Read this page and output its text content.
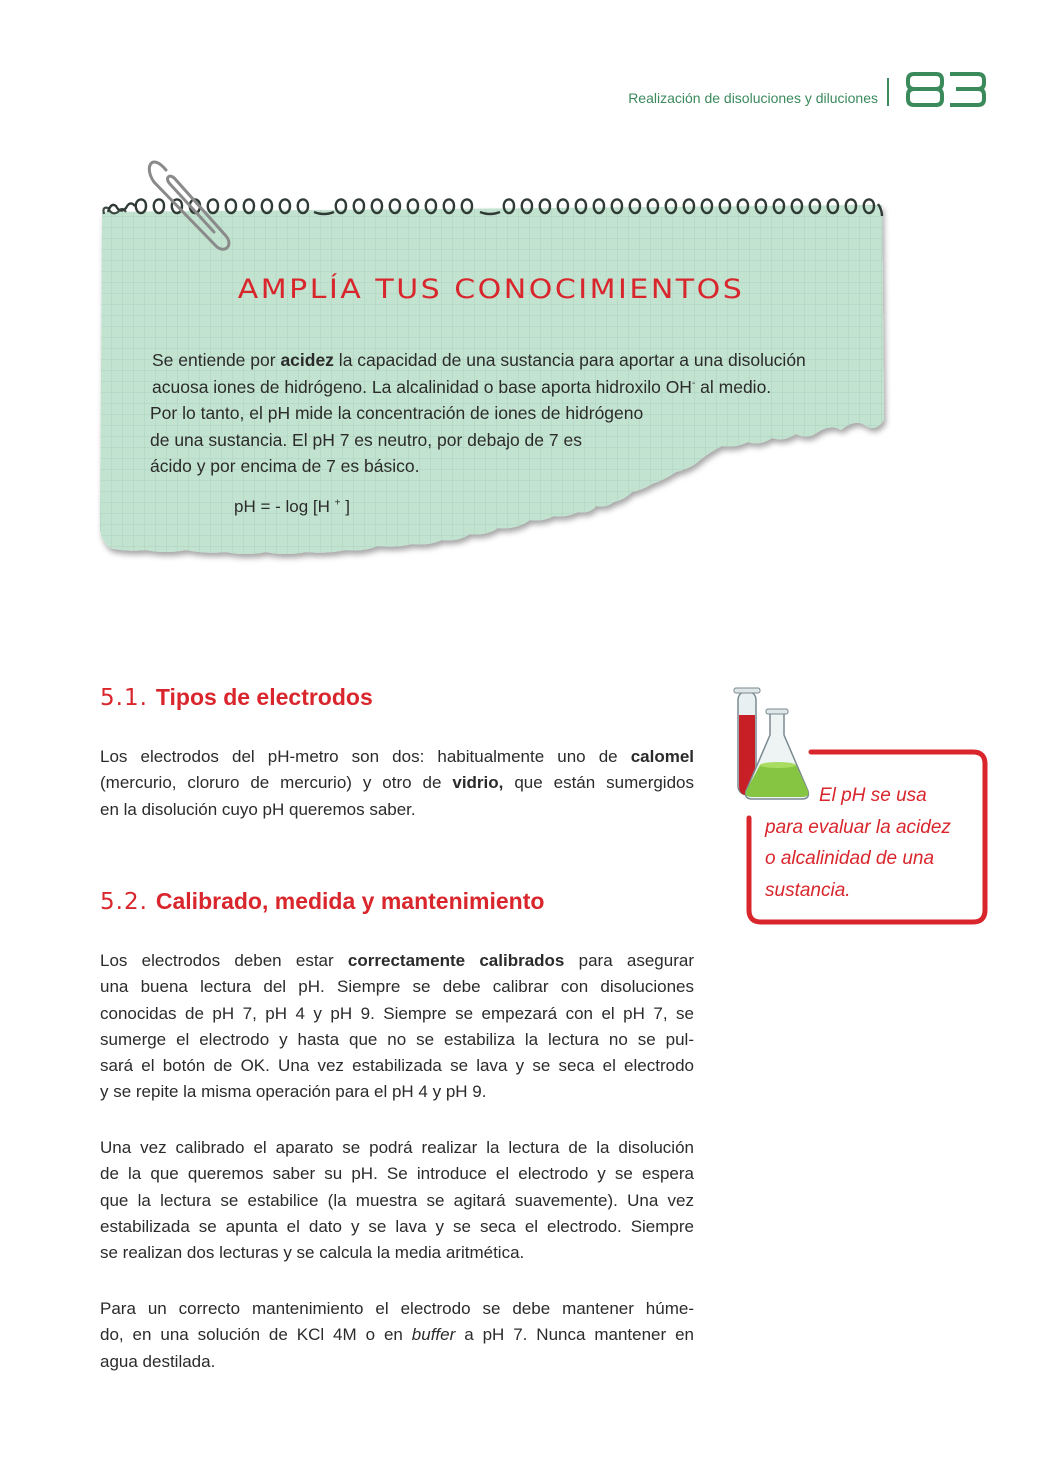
Realización de disoluciones y diluciones
AMPLÍA TUS CONOCIMIENTOS
Se entiende por acidez la capacidad de una sustancia para aportar a una disolución
acuosa iones de hidrógeno. La alcalinidad o base aporta hidroxilo OH- al medio.
Por lo tanto, el pH mide la concentración de iones de hidrógeno
de una sustancia. El pH 7 es neutro, por debajo de 7 es
ácido y por encima de 7 es básico.
pH = - log [H + ]
5.1. Tipos de electrodos
Los electrodos del pH-metro son dos: habitualmente uno de calomel
(mercurio, cloruro de mercurio) y otro de vidrio, que están sumergidos
en la disolución cuyo pH queremos saber.
5.2. Calibrado, medida y mantenimiento
Los electrodos deben estar correctamente calibrados para asegurar
una buena lectura del pH. Siempre se debe calibrar con disoluciones
conocidas de pH 7, pH 4 y pH 9. Siempre se empezará con el pH 7, se
sumerge el electrodo y hasta que no se estabiliza la lectura no se pul-
sará el botón de OK. Una vez estabilizada se lava y se seca el electrodo
y se repite la misma operación para el pH 4 y pH 9.
Una vez calibrado el aparato se podrá realizar la lectura de la disolución
de la que queremos saber su pH. Se introduce el electrodo y se espera
que la lectura se estabilice (la muestra se agitará suavemente). Una vez
estabilizada se apunta el dato y se lava y se seca el electrodo. Siempre
se realizan dos lecturas y se calcula la media aritmética.
Para un correcto mantenimiento el electrodo se debe mantener húme-
do, en una solución de KCl 4M o en buffer a pH 7. Nunca mantener en
agua destilada.
El pH se usa
para evaluar la acidez
o alcalinidad de una
sustancia.
